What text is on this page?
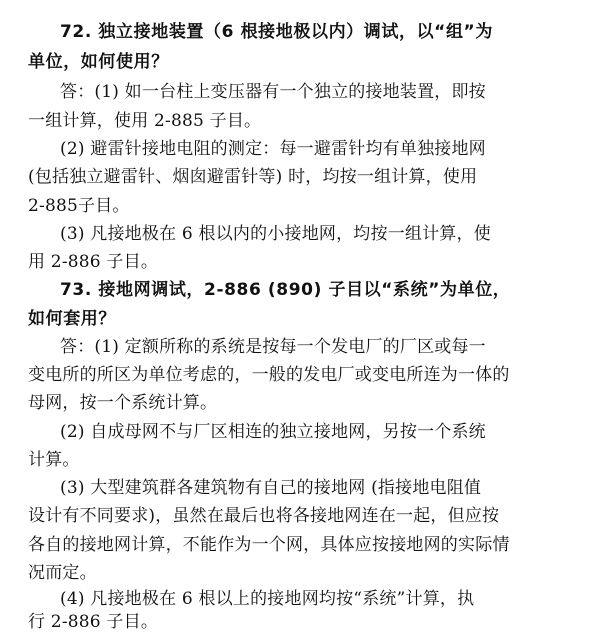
72. 独立接地装置（6 根接地极以内）调试，以“组”为
单位，如何使用？
答：(1) 如一台柱上变压器有一个独立的接地装置，即按
一组计算，使用 2-885 子目。
(2) 避雷针接地电阻的测定：每一避雷针均有单独接地网
(包括独立避雷针、烟囱避雷针等) 时，均按一组计算，使用
2-885子目。
(3) 凡接地极在 6 根以内的小接地网，均按一组计算，使
用 2-886 子目。
73. 接地网调试，2-886 (890) 子目以“系统”为单位，
如何套用？
答：(1) 定额所称的系统是按每一个发电厂的厂区或每一
变电所的所区为单位考虑的，一般的发电厂或变电所连为一体的
母网，按一个系统计算。
(2) 自成母网不与厂区相连的独立接地网，另按一个系统
计算。
(3) 大型建筑群各建筑物有自己的接地网 (指接地电阻值
设计有不同要求)，虽然在最后也将各接地网连在一起，但应按
各自的接地网计算，不能作为一个网，具体应按接地网的实际情
况而定。
(4) 凡接地极在 6 根以上的接地网均按“系统”计算，执
行 2-886 子目。
